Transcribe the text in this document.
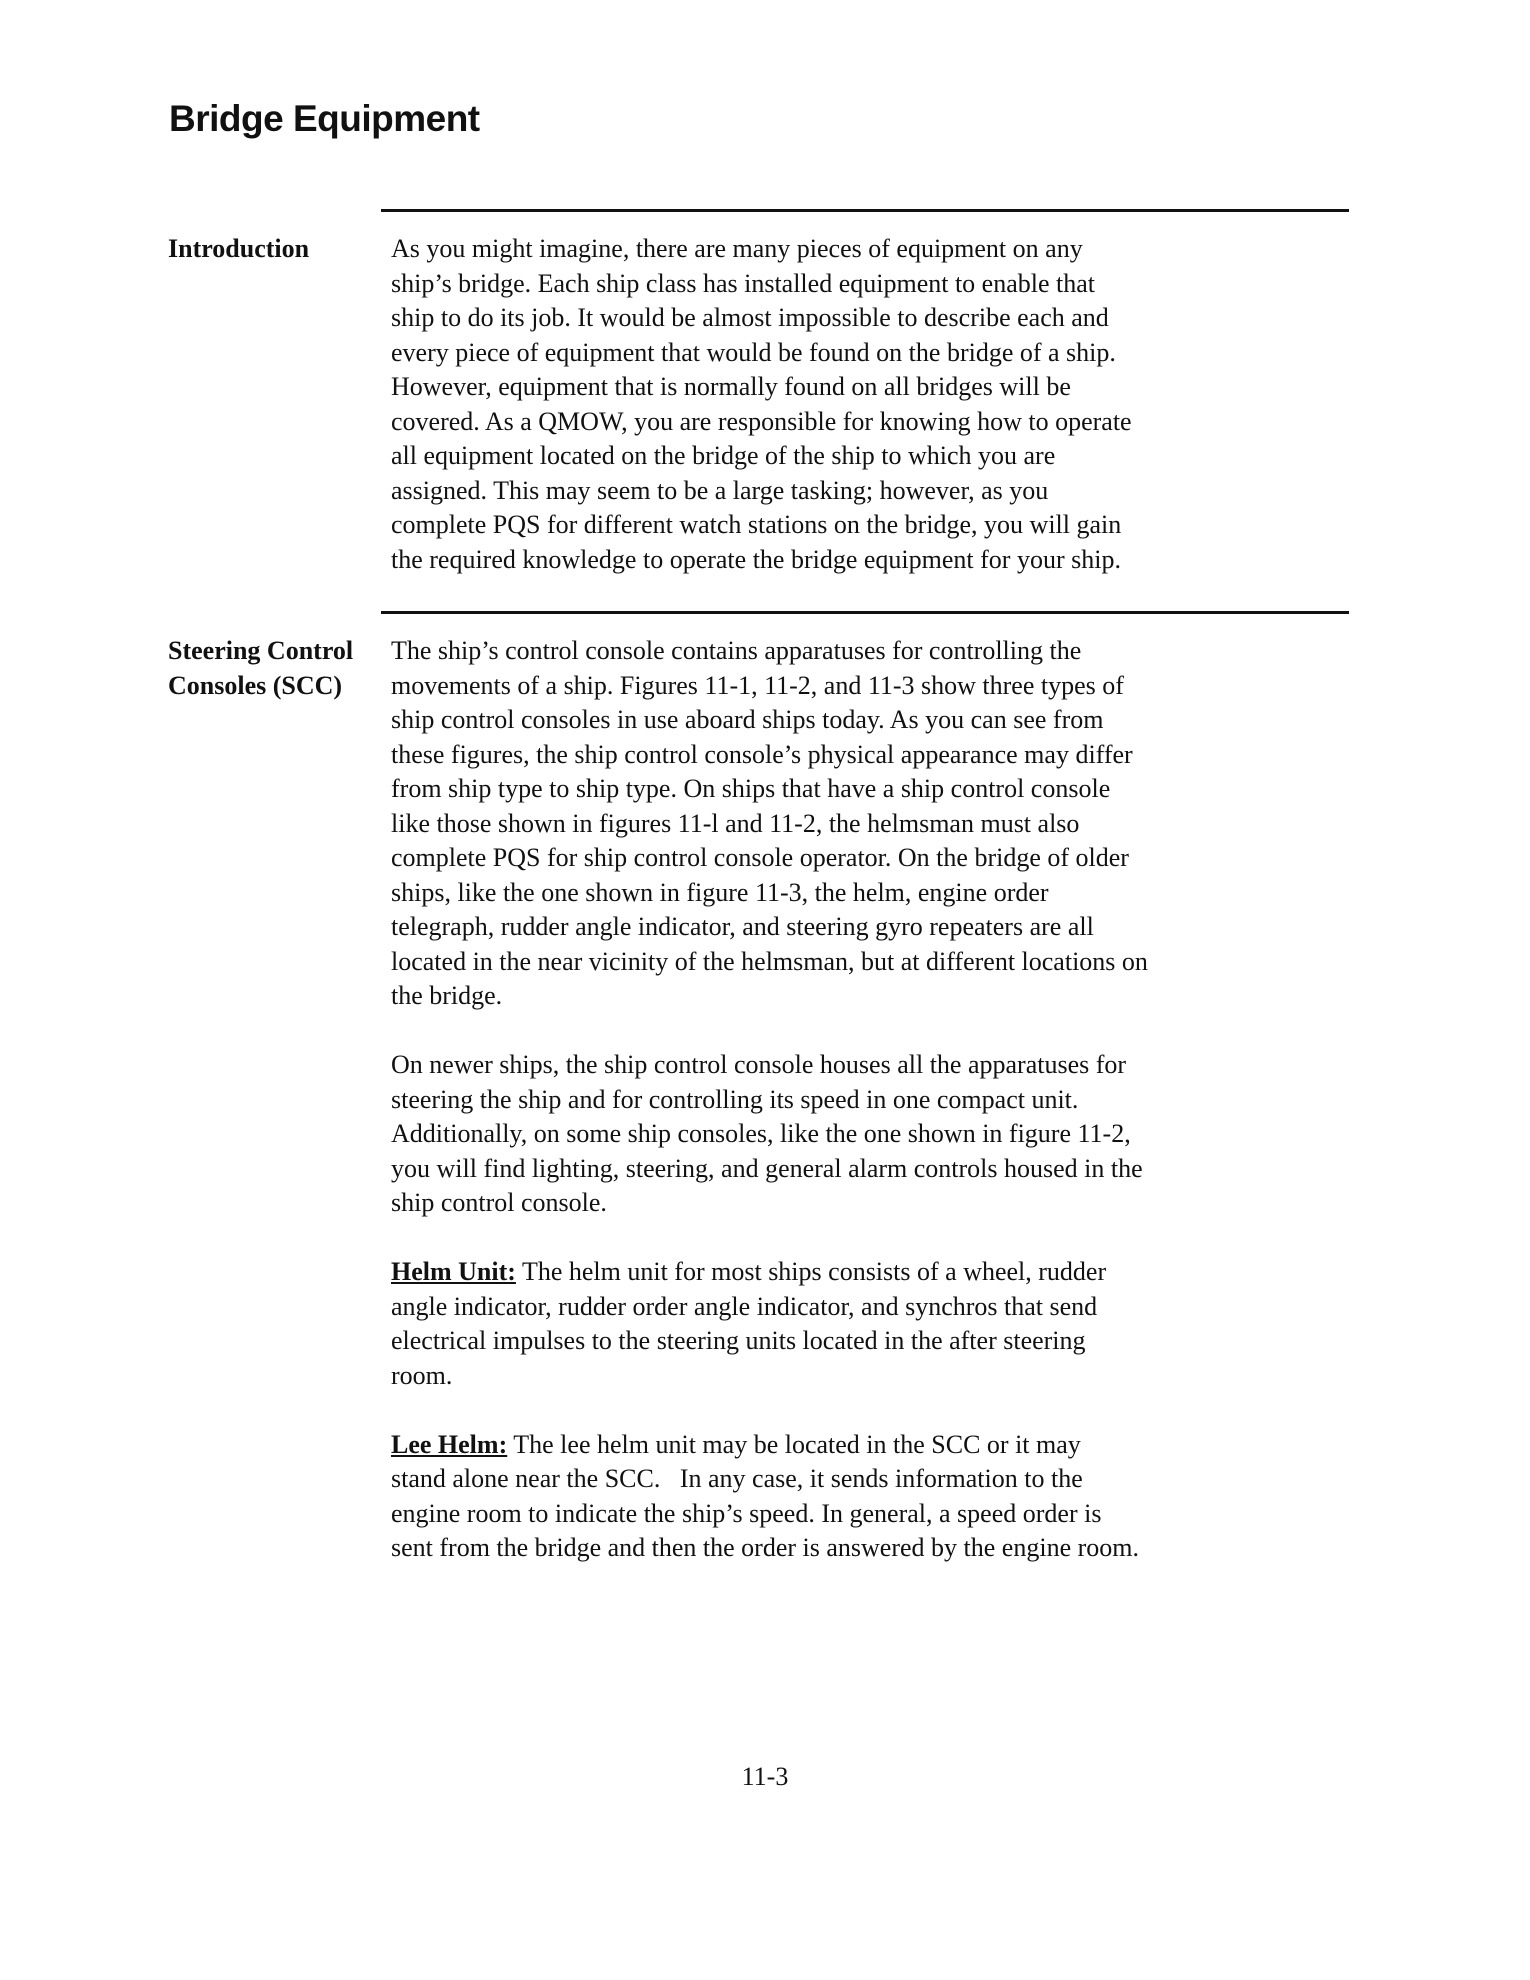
Bridge Equipment
Introduction	As you might imagine, there are many pieces of equipment on any
ship’s bridge. Each ship class has installed equipment to enable that
ship to do its job. It would be almost impossible to describe each and
every piece of equipment that would be found on the bridge of a ship.
However, equipment that is normally found on all bridges will be
covered. As a QMOW, you are responsible for knowing how to operate
all equipment located on the bridge of the ship to which you are
assigned. This may seem to be a large tasking; however, as you
complete PQS for different watch stations on the bridge, you will gain
the required knowledge to operate the bridge equipment for your ship.
Steering Control
Consoles (SCC)
The ship’s control console contains apparatuses for controlling the
movements of a ship. Figures 11-1, 11-2, and 11-3 show three types of
ship control consoles in use aboard ships today. As you can see from
these figures, the ship control console’s physical appearance may differ
from ship type to ship type. On ships that have a ship control console
like those shown in figures 11-l and 11-2, the helmsman must also
complete PQS for ship control console operator. On the bridge of older
ships, like the one shown in figure 11-3, the helm, engine order
telegraph, rudder angle indicator, and steering gyro repeaters are all
located in the near vicinity of the helmsman, but at different locations on
the bridge.
On newer ships, the ship control console houses all the apparatuses for
steering the ship and for controlling its speed in one compact unit.
Additionally, on some ship consoles, like the one shown in figure 11-2,
you will find lighting, steering, and general alarm controls housed in the
ship control console.
Helm Unit: The helm unit for most ships consists of a wheel, rudder
angle indicator, rudder order angle indicator, and synchros that send
electrical impulses to the steering units located in the after steering
room.
Lee Helm: The lee helm unit may be located in the SCC or it may
stand alone near the SCC.   In any case, it sends information to the
engine room to indicate the ship’s speed. In general, a speed order is
sent from the bridge and then the order is answered by the engine room.
11-3
